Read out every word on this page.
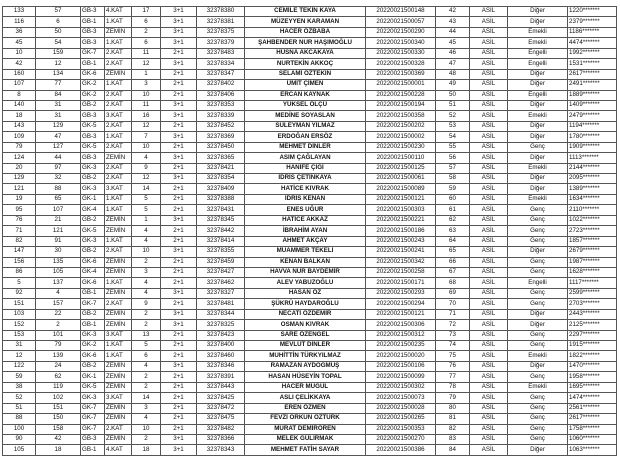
133	57	GB-3	4.KAT	17	3+1	32378380	CEMİLE TEKİN KAYA	20220021500148	42	ASİL	Diğer	1220*******
116	6	GB-1	1.KAT	6	3+1	32378381	MÜZEYYEN KARAMAN	20220021500057	43	ASİL	Diğer	2379*******
36	50	GB-3	ZEMİN	2	3+1	32378375	HACER ÖZBABA	20220021500290	44	ASİL	Emekli	1186*******
45	54	GB-3	1.KAT	6	3+1	32378379	ŞAHBENDER NUR HAŞIMOĞLU	20220021500340	45	ASİL	Emekli	4474*******
10	159	GK-7	2.KAT	11	2+1	32378483	HÜSNA AKCAKAYA	20220021500330	46	ASİL	Engelli	1992*******
42	12	GB-1	2.KAT	12	3+1	32378334	NURTEKİN AKKOÇ	20220021500328	47	ASİL	Engelli	1531*******
160	134	GK-6	ZEMİN	1	2+1	32378347	SELAMİ ÖZTEKİN	20220021500369	48	ASİL	Diğer	2617*******
107	77	GK-2	1.KAT	3	2+1	32378402	ÜMİT ÇİMEN	20220021500001	49	ASİL	Diğer	2491*******
8	84	GK-2	2.KAT	10	2+1	32378406	ERCAN KAYNAK	20220021500228	50	ASİL	Engelli	1889*******
140	31	GB-2	2.KAT	11	3+1	32378353	YÜKSEL ÖLÇÜ	20220021500194	51	ASİL	Diğer	1409*******
18	31	GB-3	3.KAT	16	3+1	32378339	MEDİNE SOYASLAN	20220021500358	52	ASİL	Emekli	2479*******
143	129	GK-5	2.KAT	12	2+1	32378452	SÜLEYMAN YILMAZ	20220021500202	53	ASİL	Diğer	1194*******
109	47	GB-3	1.KAT	7	3+1	32378369	ERDOĞAN ERSÖZ	20220021500002	54	ASİL	Diğer	1780*******
79	127	GK-5	2.KAT	10	2+1	32378450	MEHMET DİNLER	20220021500230	55	ASİL	Genç	1909*******
124	44	GB-3	ZEMİN	4	3+1	32378365	ASIM ÇAĞLAYAN	20220021500110	56	ASİL	Diğer	1113*******
20	97	GK-3	2.KAT	9	2+1	32378421	HANİFE ÇİĞİ	20220021500125	57	ASİL	Emekli	2144*******
129	32	GB-2	2.KAT	12	3+1	32378354	İDRİS ÇETİNKAYA	20220021500061	58	ASİL	Diğer	2095*******
121	88	GK-3	3.KAT	14	2+1	32378409	HATİCE KIVRAK	20220021500089	59	ASİL	Diğer	1389*******
19	65	GK-1	1.KAT	5	2+1	32378388	İDRİS KENAN	20220021500121	60	ASİL	Emekli	1634*******
95	107	GK-4	1.KAT	5	2+1	32378431	ENES UĞUR	20220021500303	61	ASİL	Genç	2110*******
76	21	GB-2	ZEMİN	1	3+1	32378345	HATİCE AKKAZ	20220021500221	62	ASİL	Genç	1022*******
71	121	GK-5	ZEMİN	4	2+1	32378442	İBRAHİM AYAN	20220021500186	63	ASİL	Genç	2723*******
82	91	GK-3	1.KAT	4	2+1	32378414	AHMET AKÇAY	20220021500243	64	ASİL	Genç	1857*******
147	30	GB-2	2.KAT	10	3+1	32378355	MUAMMER TEKELİ	20220021500241	65	ASİL	Diğer	2679*******
156	135	GK-6	ZEMİN	2	2+1	32378459	KENAN BALKAN	20220021500342	66	ASİL	Genç	1987*******
86	105	GK-4	ZEMİN	3	2+1	32378427	HAVVA NUR BAYDEMİR	20220021500258	67	ASİL	Genç	1628*******
5	137	GK-6	1.KAT	4	2+1	32378462	ALEV YABUZOĞLU	20220021500171	68	ASİL	Engelli	1117*******
92	4	GB-1	ZEMİN	4	3+1	32378327	HASAN ÖZ	20220021500293	69	ASİL	Genç	2599*******
151	157	GK-7	2.KAT	9	2+1	32378481	ŞÜKRÜ HAYDAROĞLU	20220021500294	70	ASİL	Genç	2703*******
103	22	GB-2	ZEMİN	2	3+1	32378344	NECATİ ÖZDEMİR	20220021500121	71	ASİL	Diğer	2443*******
152	2	GB-1	ZEMİN	2	3+1	32378325	OSMAN KIVRAK	20220021500306	72	ASİL	Diğer	2125*******
153	101	GK-3	3.KAT	13	2+1	32378423	SARE ÖZENGEL	20220021500312	73	ASİL	Genç	2297*******
31	79	GK-2	1.KAT	5	2+1	32378400	MEVLÜT DİNLER	20220021500235	74	ASİL	Genç	1915*******
12	139	GK-6	1.KAT	6	2+1	32378460	MUHİTTİN TÜRKYILMAZ	20220021500020	75	ASİL	Emekli	1822*******
122	24	GB-2	ZEMİN	4	3+1	32378346	RAMAZAN AYDOĞMUŞ	20220021500106	76	ASİL	Diğer	1470*******
59	62	GK-1	ZEMİN	2	2+1	32378391	HASAN HÜSEYİN TOPAL	20220021500099	77	ASİL	Genç	1958*******
38	119	GK-5	ZEMİN	2	2+1	32378443	HACER MUĞUL	20220021500302	78	ASİL	Emekli	1695*******
52	102	GK-3	3.KAT	14	2+1	32378425	ASLI ÇELİKKAYA	20220021500073	79	ASİL	Genç	1474*******
51	151	GK-7	ZEMİN	3	2+1	32378472	EREN ÖZMEN	20220021500028	80	ASİL	Genç	2561*******
88	150	GK-7	ZEMİN	4	2+1	32378475	FEVZİ ORKUN ÖZTÜRK	20220021500265	81	ASİL	Genç	2617*******
100	158	GK-7	2.KAT	10	2+1	32378482	MURAT DEMİRÖREN	20220021500353	82	ASİL	Genç	1758*******
90	42	GB-3	ZEMİN	2	3+1	32378366	MELEK GÜLİRMAK	20220021500270	83	ASİL	Genç	1060*******
105	18	GB-1	4.KAT	18	3+1	32378343	MEHMET FATİH SAYAR	20220021500386	84	ASİL	Diğer	1063*******
